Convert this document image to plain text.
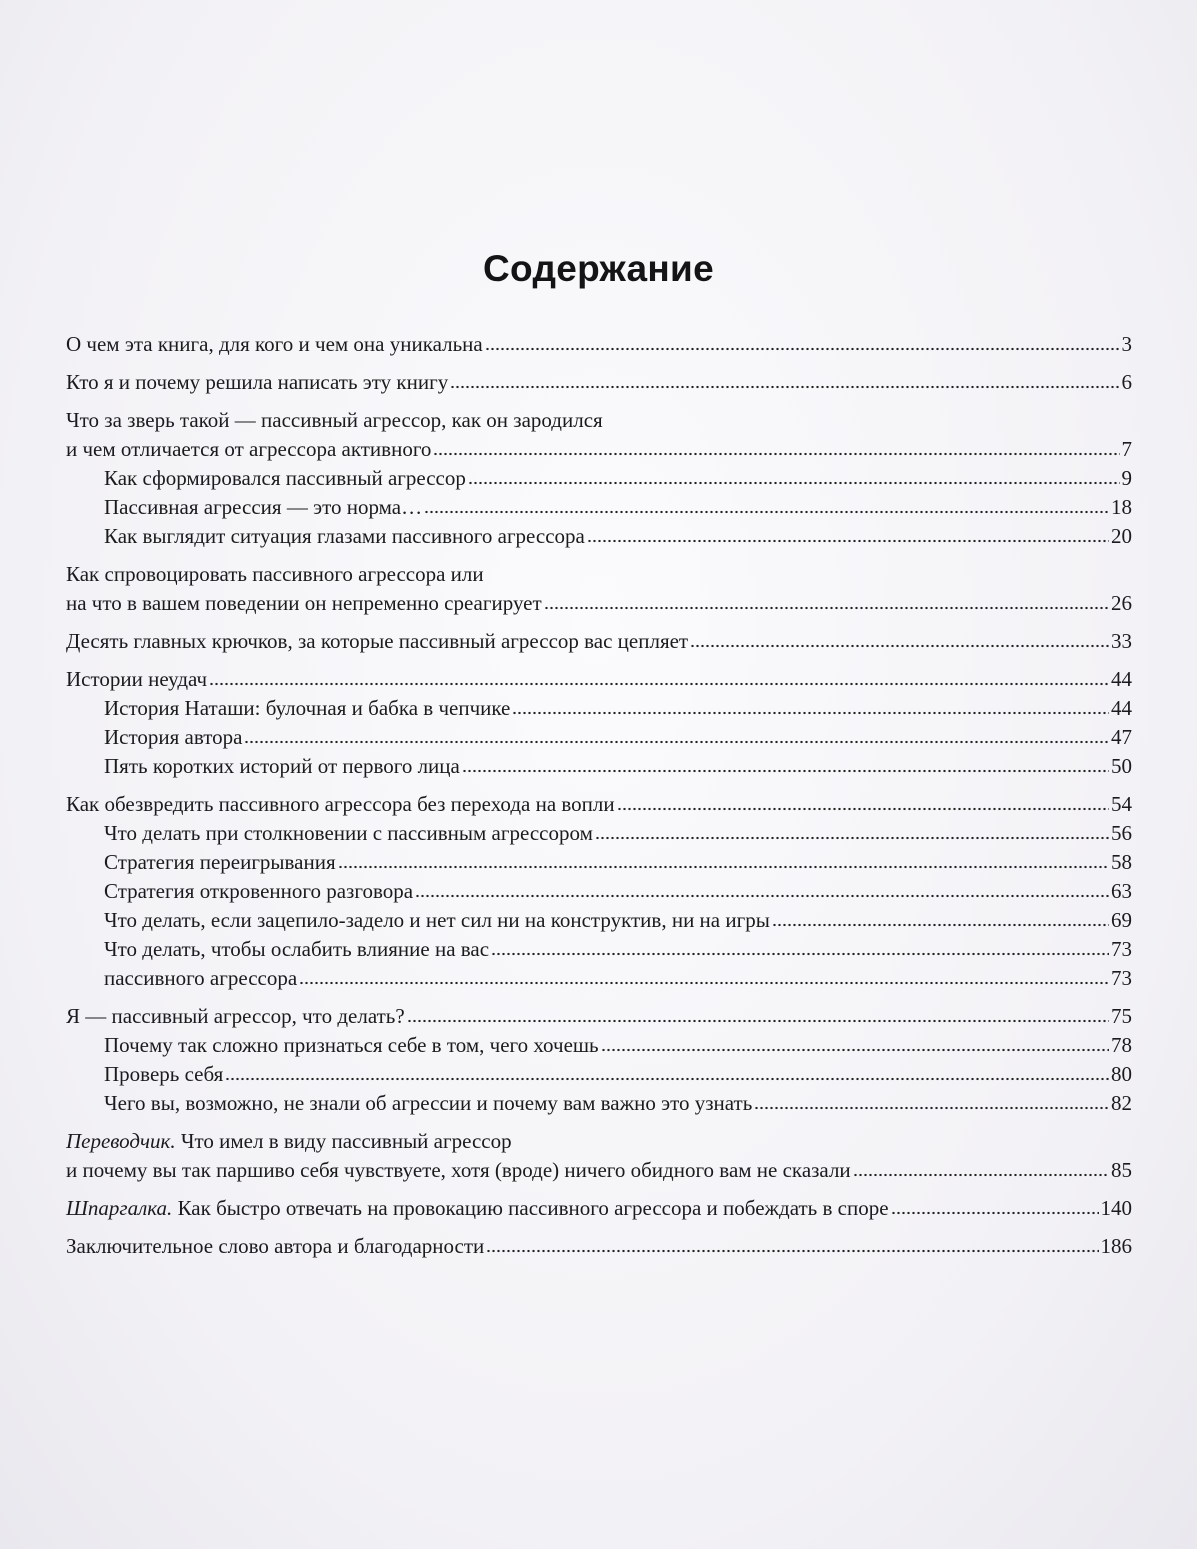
Содержание
О чем эта книга, для кого и чем она уникальна	3
Кто я и почему решила написать эту книгу	6
Что за зверь такой — пассивный агрессор, как он зародился
и чем отличается от агрессора активного	7
Как сформировался пассивный агрессор	9
Пассивная агрессия — это норма…	18
Как выглядит ситуация глазами пассивного агрессора	20
Как спровоцировать пассивного агрессора или
на что в вашем поведении он непременно среагирует	26
Десять главных крючков, за которые пассивный агрессор вас цепляет	33
Истории неудач	44
История Наташи: булочная и бабка в чепчике	44
История автора	47
Пять коротких историй от первого лица	50
Как обезвредить пассивного агрессора без перехода на вопли	54
Что делать при столкновении с пассивным агрессором	56
Стратегия переигрывания	58
Стратегия откровенного разговора	63
Что делать, если зацепило-задело и нет сил ни на конструктив, ни на игры	69
Что делать, чтобы ослабить влияние на вас	73
пассивного агрессора	73
Я — пассивный агрессор, что делать?	75
Почему так сложно признаться себе в том, чего хочешь	78
Проверь себя	80
Чего вы, возможно, не знали об агрессии и почему вам важно это узнать	82
Переводчик. Что имел в виду пассивный агрессор
и почему вы так паршиво себя чувствуете, хотя (вроде) ничего обидного вам не сказали	85
Шпаргалка. Как быстро отвечать на провокацию пассивного агрессора и побеждать в споре	140
Заключительное слово автора и благодарности	186
